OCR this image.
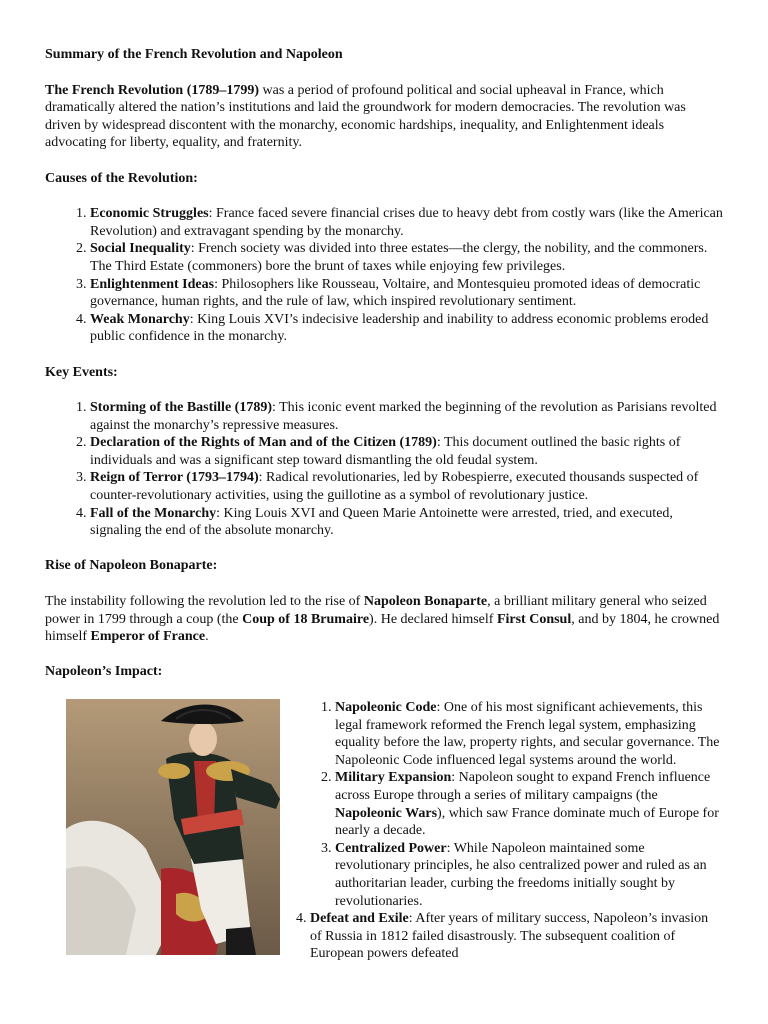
Summary of the French Revolution and Napoleon

The French Revolution (1789–1799) was a period of profound political and social upheaval in France, which dramatically altered the nation’s institutions and laid the groundwork for modern democracies. The revolution was driven by widespread discontent with the monarchy, economic hardships, inequality, and Enlightenment ideals advocating for liberty, equality, and fraternity.

Causes of the Revolution:

1. Economic Struggles: France faced severe financial crises due to heavy debt from costly wars (like the American Revolution) and extravagant spending by the monarchy.
2. Social Inequality: French society was divided into three estates—the clergy, the nobility, and the commoners. The Third Estate (commoners) bore the brunt of taxes while enjoying few privileges.
3. Enlightenment Ideas: Philosophers like Rousseau, Voltaire, and Montesquieu promoted ideas of democratic governance, human rights, and the rule of law, which inspired revolutionary sentiment.
4. Weak Monarchy: King Louis XVI’s indecisive leadership and inability to address economic problems eroded public confidence in the monarchy.

Key Events:

1. Storming of the Bastille (1789): This iconic event marked the beginning of the revolution as Parisians revolted against the monarchy’s repressive measures.
2. Declaration of the Rights of Man and of the Citizen (1789): This document outlined the basic rights of individuals and was a significant step toward dismantling the old feudal system.
3. Reign of Terror (1793–1794): Radical revolutionaries, led by Robespierre, executed thousands suspected of counter-revolutionary activities, using the guillotine as a symbol of revolutionary justice.
4. Fall of the Monarchy: King Louis XVI and Queen Marie Antoinette were arrested, tried, and executed, signaling the end of the absolute monarchy.

Rise of Napoleon Bonaparte:

The instability following the revolution led to the rise of Napoleon Bonaparte, a brilliant military general who seized power in 1799 through a coup (the Coup of 18 Brumaire). He declared himself First Consul, and by 1804, he crowned himself Emperor of France.

Napoleon’s Impact:

1. Napoleonic Code: One of his most significant achievements, this legal framework reformed the French legal system, emphasizing equality before the law, property rights, and secular governance. The Napoleonic Code influenced legal systems around the world.
2. Military Expansion: Napoleon sought to expand French influence across Europe through a series of military campaigns (the Napoleonic Wars), which saw France dominate much of Europe for nearly a decade.
3. Centralized Power: While Napoleon maintained some revolutionary principles, he also centralized power and ruled as an authoritarian leader, curbing the freedoms initially sought by revolutionaries.
4. Defeat and Exile: After years of military success, Napoleon’s invasion of Russia in 1812 failed disastrously. The subsequent coalition of European powers defeated
